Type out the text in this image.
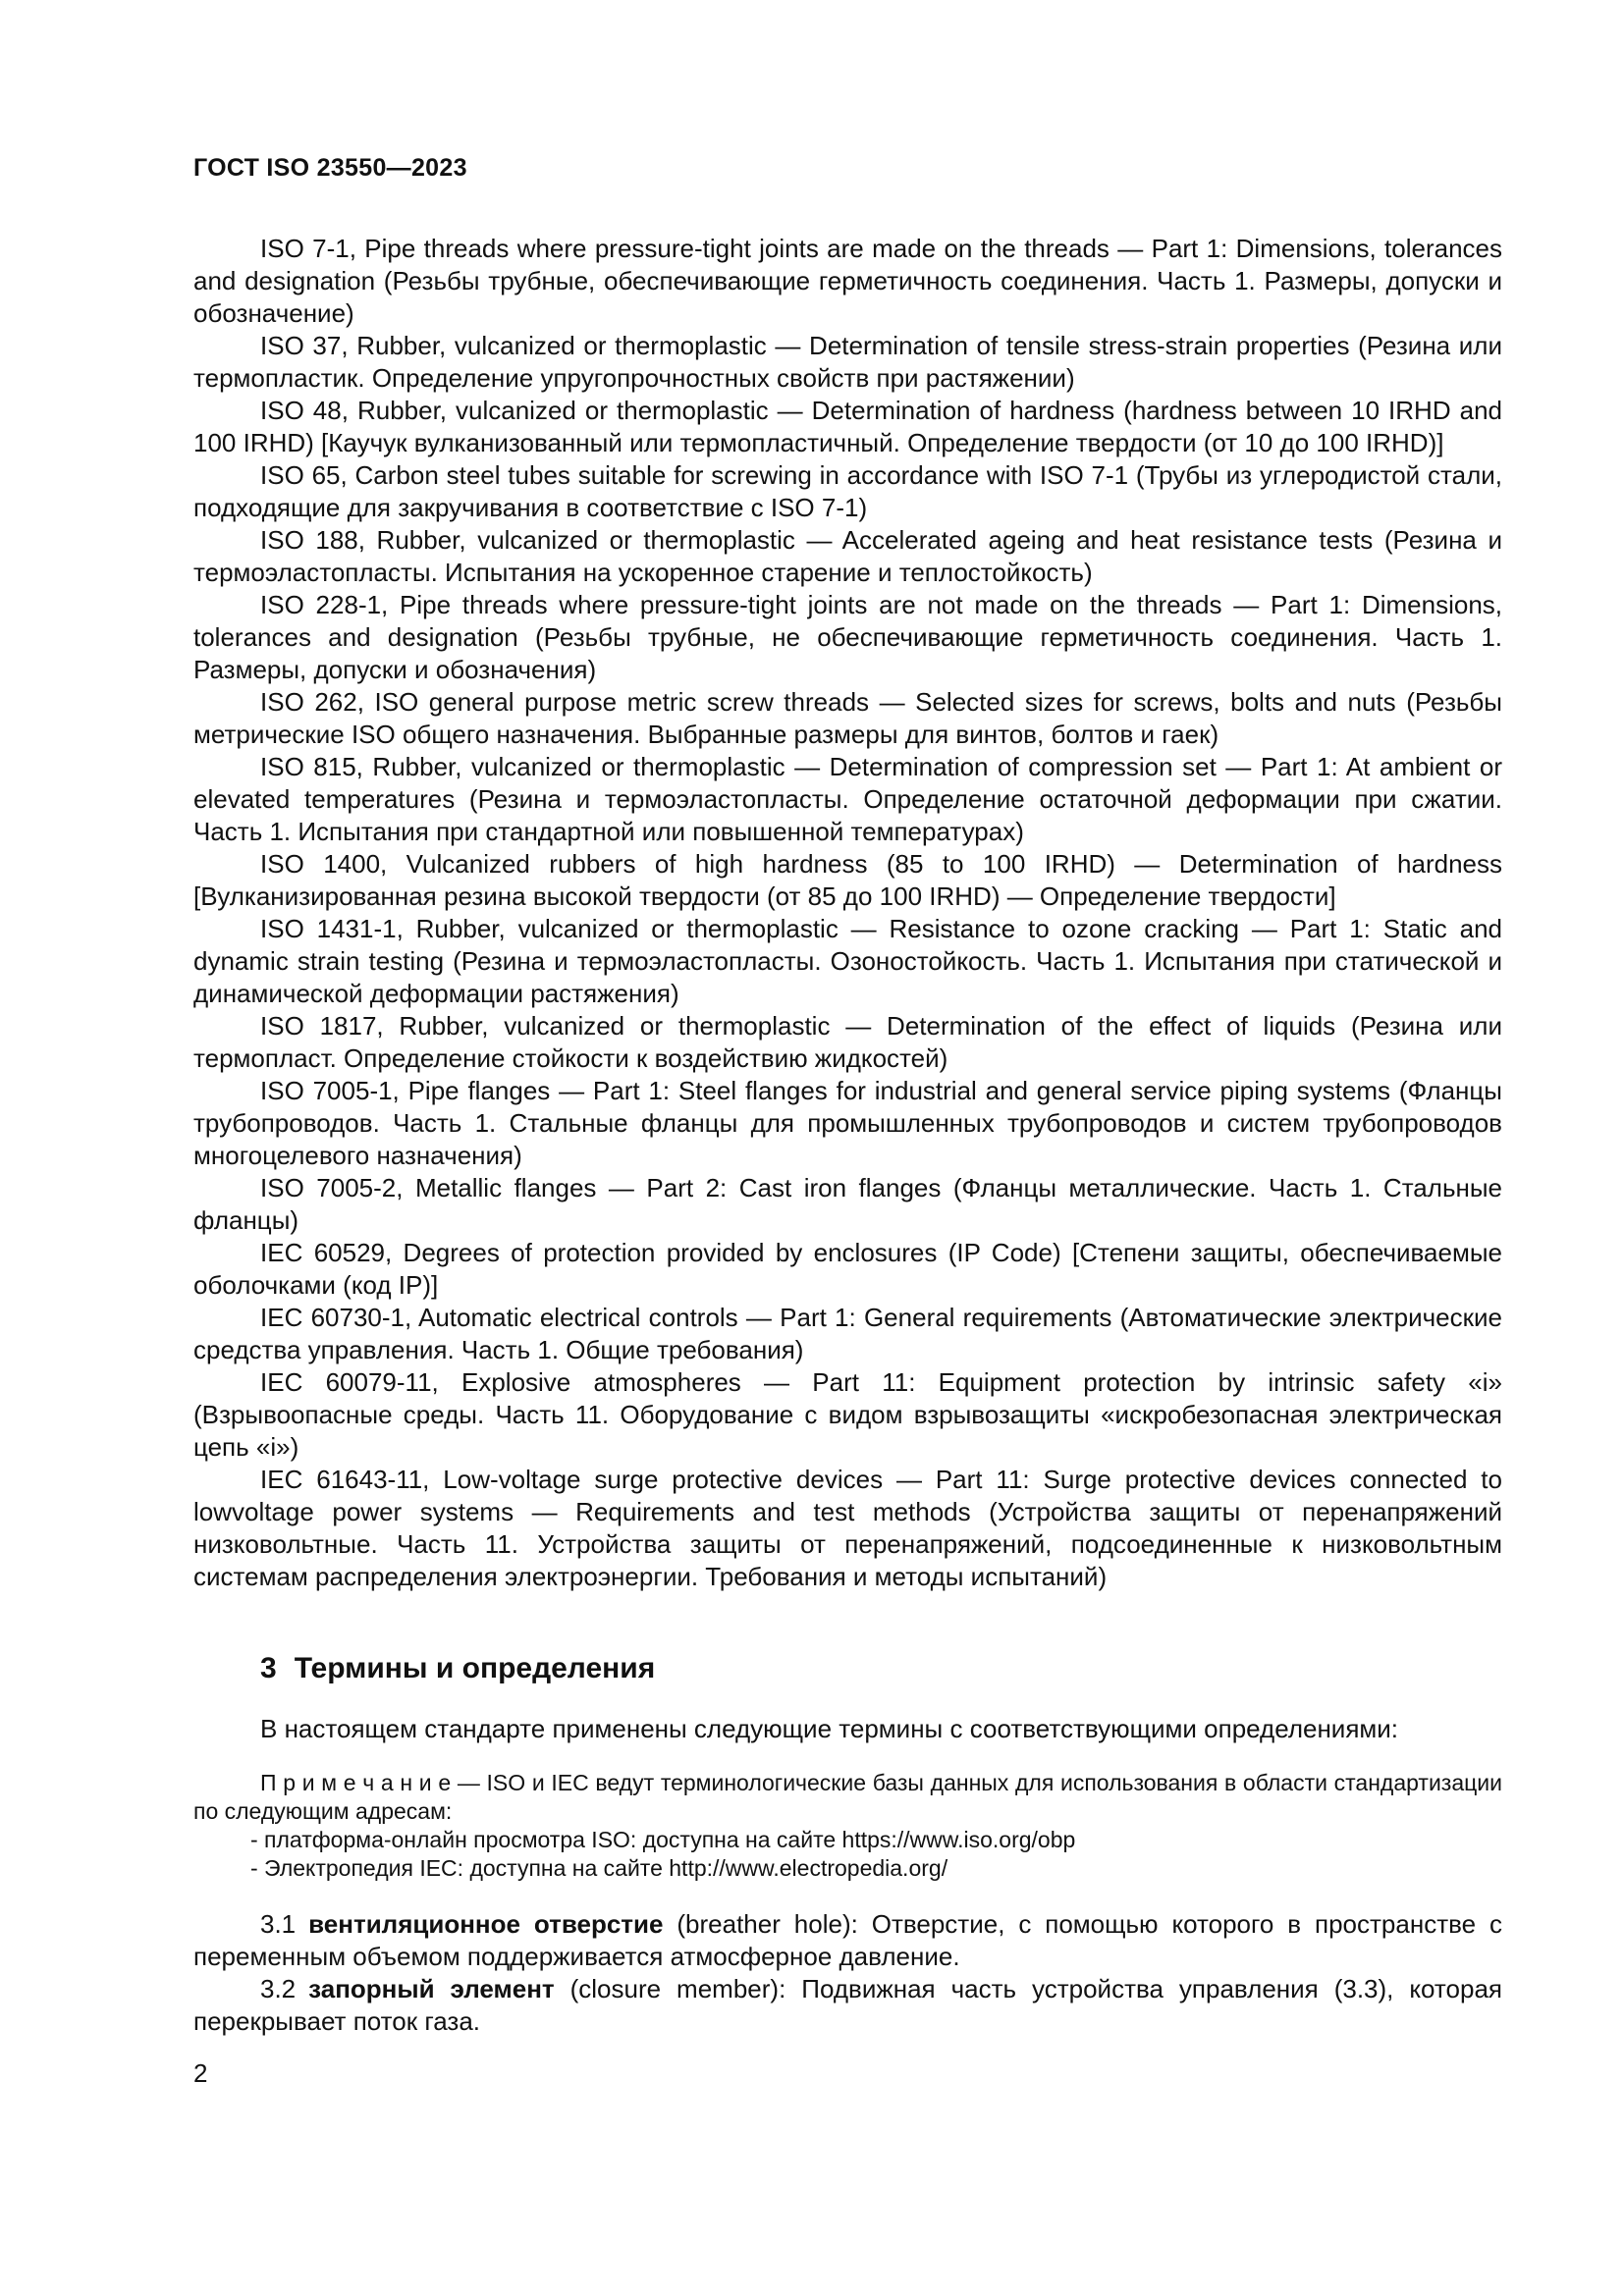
ГОСТ ISO 23550—2023

ISO 7-1, Pipe threads where pressure-tight joints are made on the threads — Part 1: Dimensions, tolerances and designation (Резьбы трубные, обеспечивающие герметичность соединения. Часть 1. Размеры, допуски и обозначение)

ISO 37, Rubber, vulcanized or thermoplastic — Determination of tensile stress-strain properties (Резина или термопластик. Определение упругопрочностных свойств при растяжении)

ISO 48, Rubber, vulcanized or thermoplastic — Determination of hardness (hardness between 10 IRHD and 100 IRHD) [Каучук вулканизованный или термопластичный. Определение твердости (от 10 до 100 IRHD)]

ISO 65, Carbon steel tubes suitable for screwing in accordance with ISO 7-1 (Трубы из углеродистой стали, подходящие для закручивания в соответствие с ISO 7-1)

ISO 188, Rubber, vulcanized or thermoplastic — Accelerated ageing and heat resistance tests (Резина и термоэластопласты. Испытания на ускоренное старение и теплостойкость)

ISO 228-1, Pipe threads where pressure-tight joints are not made on the threads — Part 1: Dimensions, tolerances and designation (Резьбы трубные, не обеспечивающие герметичность соединения. Часть 1. Размеры, допуски и обозначения)

ISO 262, ISO general purpose metric screw threads — Selected sizes for screws, bolts and nuts (Резьбы метрические ISO общего назначения. Выбранные размеры для винтов, болтов и гаек)

ISO 815, Rubber, vulcanized or thermoplastic — Determination of compression set — Part 1: At ambient or elevated temperatures (Резина и термоэластопласты. Определение остаточной деформации при сжатии. Часть 1. Испытания при стандартной или повышенной температурах)

ISO 1400, Vulcanized rubbers of high hardness (85 to 100 IRHD) — Determination of hardness [Вулканизированная резина высокой твердости (от 85 до 100 IRHD) — Определение твердости]

ISO 1431-1, Rubber, vulcanized or thermoplastic — Resistance to ozone cracking — Part 1: Static and dynamic strain testing (Резина и термоэластопласты. Озоностойкость. Часть 1. Испытания при статической и динамической деформации растяжения)

ISO 1817, Rubber, vulcanized or thermoplastic — Determination of the effect of liquids (Резина или термопласт. Определение стойкости к воздействию жидкостей)

ISO 7005-1, Pipe flanges — Part 1: Steel flanges for industrial and general service piping systems (Фланцы трубопроводов. Часть 1. Стальные фланцы для промышленных трубопроводов и систем трубопроводов многоцелевого назначения)

ISO 7005-2, Metallic flanges — Part 2: Cast iron flanges (Фланцы металлические. Часть 1. Стальные фланцы)

IEC 60529, Degrees of protection provided by enclosures (IP Code) [Степени защиты, обеспечиваемые оболочками (код IP)]

IEC 60730-1, Automatic electrical controls — Part 1: General requirements (Автоматические электрические средства управления. Часть 1. Общие требования)

IEC 60079-11, Explosive atmospheres — Part 11: Equipment protection by intrinsic safety «i» (Взрывоопасные среды. Часть 11. Оборудование с видом взрывозащиты «искробезопасная электрическая цепь «i»)

IEC 61643-11, Low-voltage surge protective devices — Part 11: Surge protective devices connected to lowvoltage power systems — Requirements and test methods (Устройства защиты от перенапряжений низковольтные. Часть 11. Устройства защиты от перенапряжений, подсоединенные к низковольтным системам распределения электроэнергии. Требования и методы испытаний)

3 Термины и определения

В настоящем стандарте применены следующие термины с соответствующими определениями:

П р и м е ч а н и е — ISO и IEC ведут терминологические базы данных для использования в области стандартизации по следующим адресам:

- платформа-онлайн просмотра ISO: доступна на сайте https://www.iso.org/obp

- Электропедия IEC: доступна на сайте http://www.electropedia.org/

3.1 вентиляционное отверстие (breather hole): Отверстие, с помощью которого в пространстве с переменным объемом поддерживается атмосферное давление.

3.2 запорный элемент (closure member): Подвижная часть устройства управления (3.3), которая перекрывает поток газа.

2
